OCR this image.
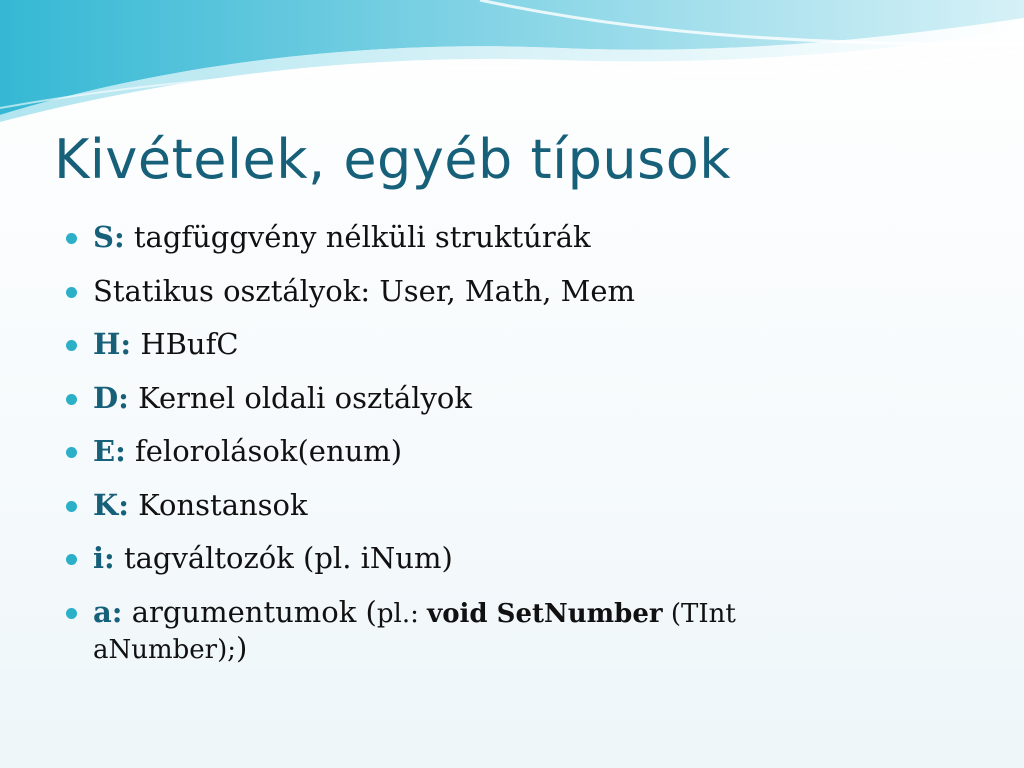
Kivételek, egyéb típusok
S: tagfüggvény nélküli struktúrák
Statikus osztályok: User, Math, Mem
H: HBufC
D: Kernel oldali osztályok
E: felorolások(enum)
K: Konstansok
i: tagváltozók (pl. iNum)
a: argumentumok (pl.: void SetNumber (TInt aNumber);)
